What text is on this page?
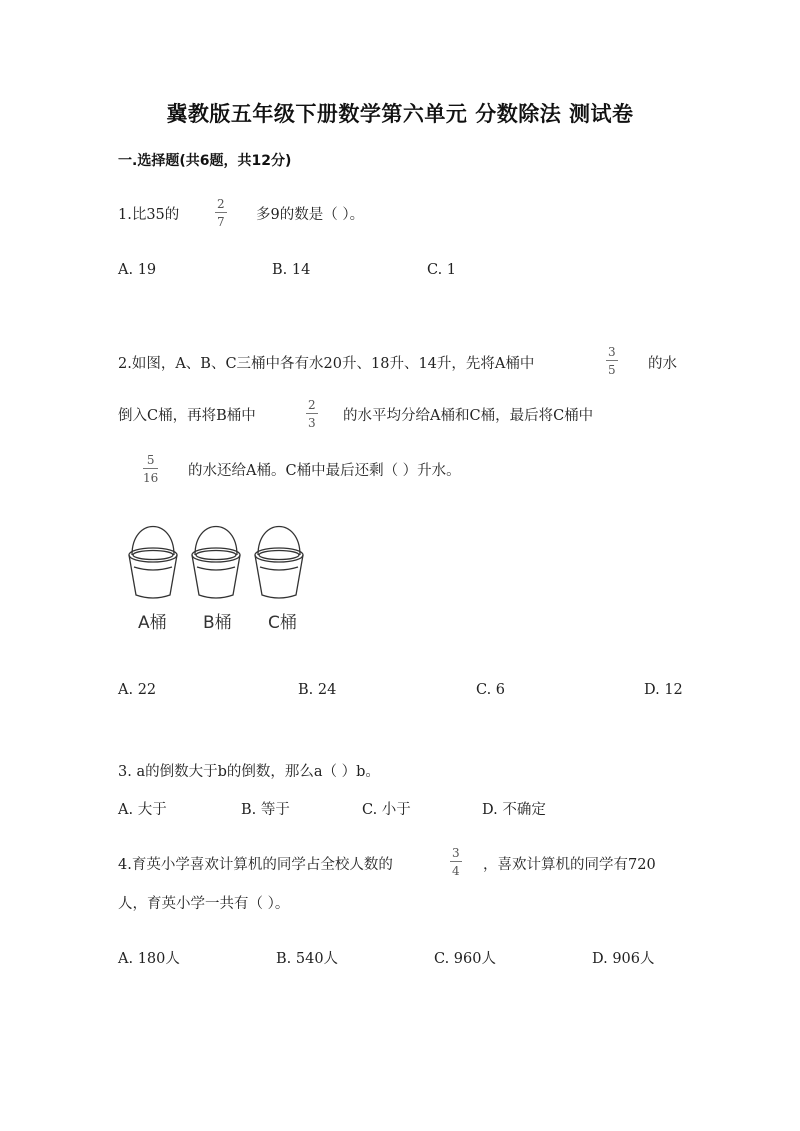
冀教版五年级下册数学第六单元 分数除法 测试卷
一.选择题(共6题，共12分)
1.比35的
2
7 多9的数是（ ）。
A. 19	B. 14	C. 1
2.如图，A、B、C三桶中各有水20升、18升、14升，先将A桶中
3
5 的水
倒入C桶，再将B桶中
2
3 的水平均分给A桶和C桶，最后将C桶中
5
16 的水还给A桶。C桶中最后还剩（ ）升水。
A桶 B桶 C桶
A. 22	B. 24	C. 6	D. 12
3. a的倒数大于b的倒数，那么a（ ）b。
A. 大于	B. 等于	C. 小于	D. 不确定
4.育英小学喜欢计算机的同学占全校人数的
3
4 ，喜欢计算机的同学有720
人，育英小学一共有（ ）。
A. 180人	B. 540人	C. 960人	D. 906人
